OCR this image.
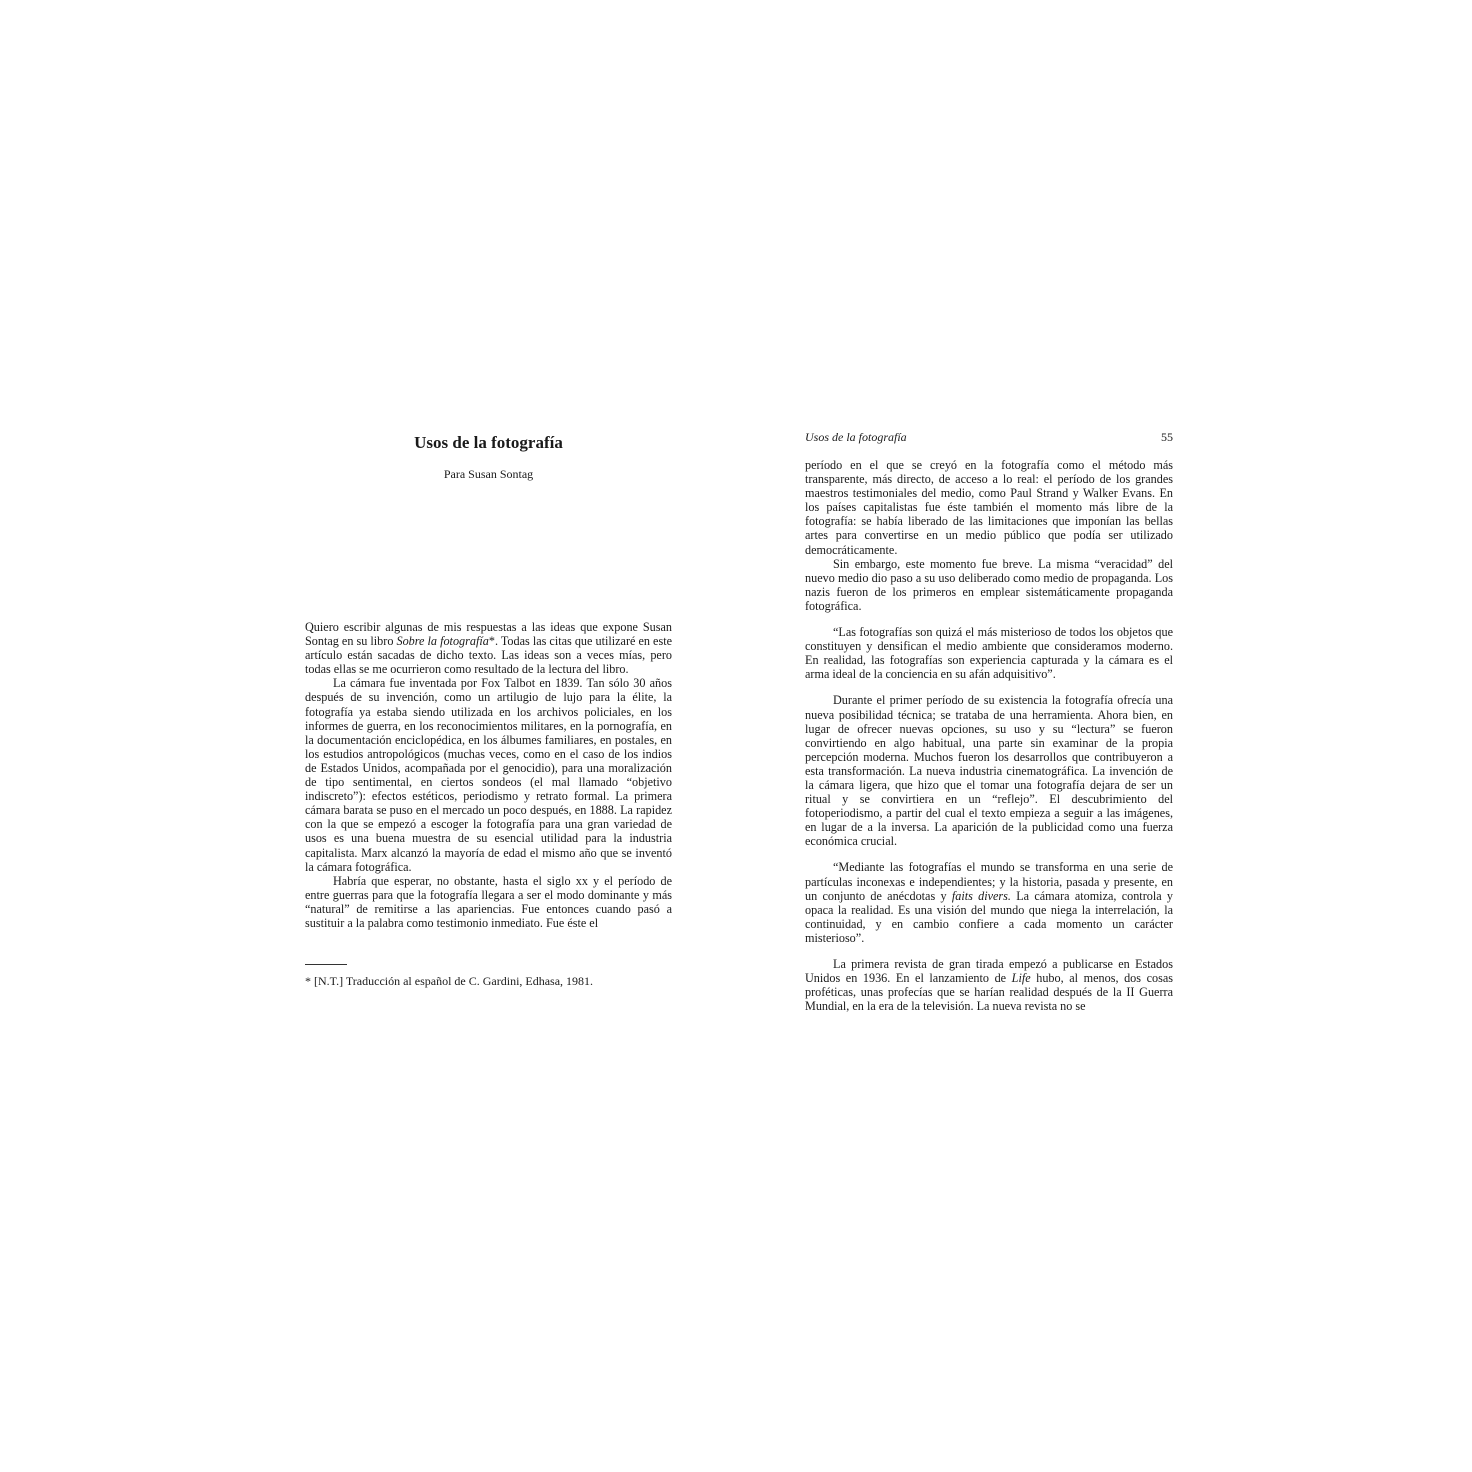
Usos de la fotografía
Para Susan Sontag

Quiero escribir algunas de mis respuestas a las ideas que expone Susan Sontag en su libro Sobre la fotografía*. Todas las citas que utilizaré en este artículo están sacadas de dicho texto. Las ideas son a veces mías, pero todas ellas se me ocurrieron como resultado de la lectura del libro.

La cámara fue inventada por Fox Talbot en 1839. Tan sólo 30 años después de su invención, como un artilugio de lujo para la élite, la fotografía ya estaba siendo utilizada en los archivos policiales, en los informes de guerra, en los reconocimientos militares, en la pornografía, en la documentación enciclopédica, en los álbumes familiares, en postales, en los estudios antropológicos (muchas veces, como en el caso de los indios de Estados Unidos, acompañada por el genocidio), para una moralización de tipo sentimental, en ciertos sondeos (el mal llamado “objetivo indiscreto”): efectos estéticos, periodismo y retrato formal. La primera cámara barata se puso en el mercado un poco después, en 1888. La rapidez con la que se empezó a escoger la fotografía para una gran variedad de usos es una buena muestra de su esencial utilidad para la industria capitalista. Marx alcanzó la mayoría de edad el mismo año que se inventó la cámara fotográfica.

Habría que esperar, no obstante, hasta el siglo xx y el período de entre guerras para que la fotografía llegara a ser el modo dominante y más “natural” de remitirse a las apariencias. Fue entonces cuando pasó a sustituir a la palabra como testimonio inmediato. Fue éste el

* [N.T.] Traducción al español de C. Gardini, Edhasa, 1981.
Usos de la fotografía	55

período en el que se creyó en la fotografía como el método más transparente, más directo, de acceso a lo real: el período de los grandes maestros testimoniales del medio, como Paul Strand y Walker Evans. En los países capitalistas fue éste también el momento más libre de la fotografía: se había liberado de las limitaciones que imponían las bellas artes para convertirse en un medio público que podía ser utilizado democráticamente.

Sin embargo, este momento fue breve. La misma “veracidad” del nuevo medio dio paso a su uso deliberado como medio de propaganda. Los nazis fueron de los primeros en emplear sistemáticamente propaganda fotográfica.

“Las fotografías son quizá el más misterioso de todos los objetos que constituyen y densifican el medio ambiente que consideramos moderno. En realidad, las fotografías son experiencia capturada y la cámara es el arma ideal de la conciencia en su afán adquisitivo”.

Durante el primer período de su existencia la fotografía ofrecía una nueva posibilidad técnica; se trataba de una herramienta. Ahora bien, en lugar de ofrecer nuevas opciones, su uso y su “lectura” se fueron convirtiendo en algo habitual, una parte sin examinar de la propia percepción moderna. Muchos fueron los desarrollos que contribuyeron a esta transformación. La nueva industria cinematográfica. La invención de la cámara ligera, que hizo que el tomar una fotografía dejara de ser un ritual y se convirtiera en un “reflejo”. El descubrimiento del fotoperiodismo, a partir del cual el texto empieza a seguir a las imágenes, en lugar de a la inversa. La aparición de la publicidad como una fuerza económica crucial.

“Mediante las fotografías el mundo se transforma en una serie de partículas inconexas e independientes; y la historia, pasada y presente, en un conjunto de anécdotas y faits divers. La cámara atomiza, controla y opaca la realidad. Es una visión del mundo que niega la interrelación, la continuidad, y en cambio confiere a cada momento un carácter misterioso”.

La primera revista de gran tirada empezó a publicarse en Estados Unidos en 1936. En el lanzamiento de Life hubo, al menos, dos cosas proféticas, unas profecías que se harían realidad después de la II Guerra Mundial, en la era de la televisión. La nueva revista no se
